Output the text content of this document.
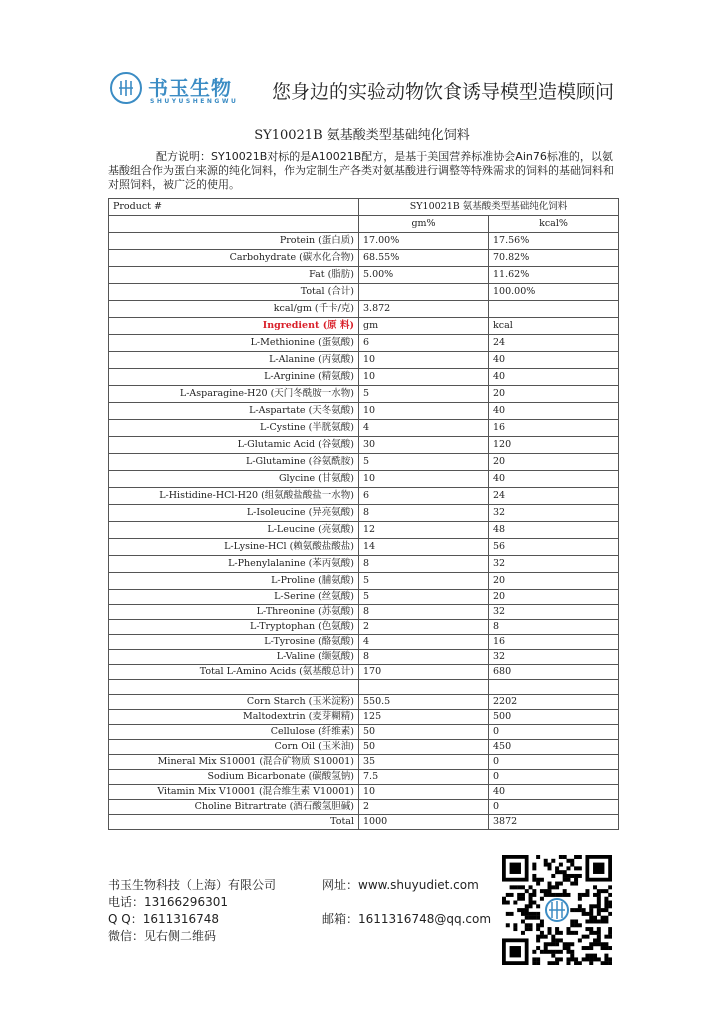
书玉生物
SHUYUSHENGWU 您身边的实验动物饮食诱导模型造模顾问
SY10021B 氨基酸类型基础纯化饲料
配方说明：SY10021B对标的是A10021B配方，是基于美国营养标准协会Ain76标准的，以氨基酸组合作为蛋白来源的纯化饲料，作为定制生产各类对氨基酸进行调整等特殊需求的饲料的基础饲料和对照饲料，被广泛的使用。
Product #	SY10021B 氨基酸类型基础纯化饲料	
	gm%	kcal%
Protein (蛋白质)	17.00%	17.56%
Carbohydrate (碳水化合物)	68.55%	70.82%
Fat (脂肪)	5.00%	11.62%
Total (合计)		100.00%
kcal/gm (千卡/克)	3.872	
Ingredient (原 料)	gm	kcal
L-Methionine (蛋氨酸)	6	24
L-Alanine (丙氨酸)	10	40
L-Arginine (精氨酸)	10	40
L-Asparagine-H20 (天门冬酰胺一水物)	5	20
L-Aspartate (天冬氨酸)	10	40
L-Cystine (半胱氨酸)	4	16
L-Glutamic Acid (谷氨酸)	30	120
L-Glutamine (谷氨酰胺)	5	20
Glycine (甘氨酸)	10	40
L-Histidine-HCl-H20 (组氨酸盐酸盐一水物)	6	24
L-Isoleucine (异亮氨酸)	8	32
L-Leucine (亮氨酸)	12	48
L-Lysine-HCl (赖氨酸盐酸盐)	14	56
L-Phenylalanine (苯丙氨酸)	8	32
L-Proline (脯氨酸)	5	20
L-Serine (丝氨酸)	5	20
L-Threonine (苏氨酸)	8	32
L-Tryptophan (色氨酸)	2	8
L-Tyrosine (酪氨酸)	4	16
L-Valine (缬氨酸)	8	32
Total L-Amino Acids (氨基酸总计)	170	680

Corn Starch (玉米淀粉)	550.5	2202
Maltodextrin (麦芽糊精)	125	500
Cellulose (纤维素)	50	0
Corn Oil (玉米油)	50	450
Mineral Mix S10001 (混合矿物质 S10001)	35	0
Sodium Bicarbonate (碳酸氢钠)	7.5	0
Vitamin Mix V10001 (混合维生素 V10001)	10	40
Choline Bitrartrate (酒石酸氢胆碱)	2	0
Total	1000	3872
书玉生物科技（上海）有限公司	网址：www.shuyudiet.com
电话：13166296301
Q Q：1611316748	邮箱：1611316748@qq.com
微信：见右侧二维码
